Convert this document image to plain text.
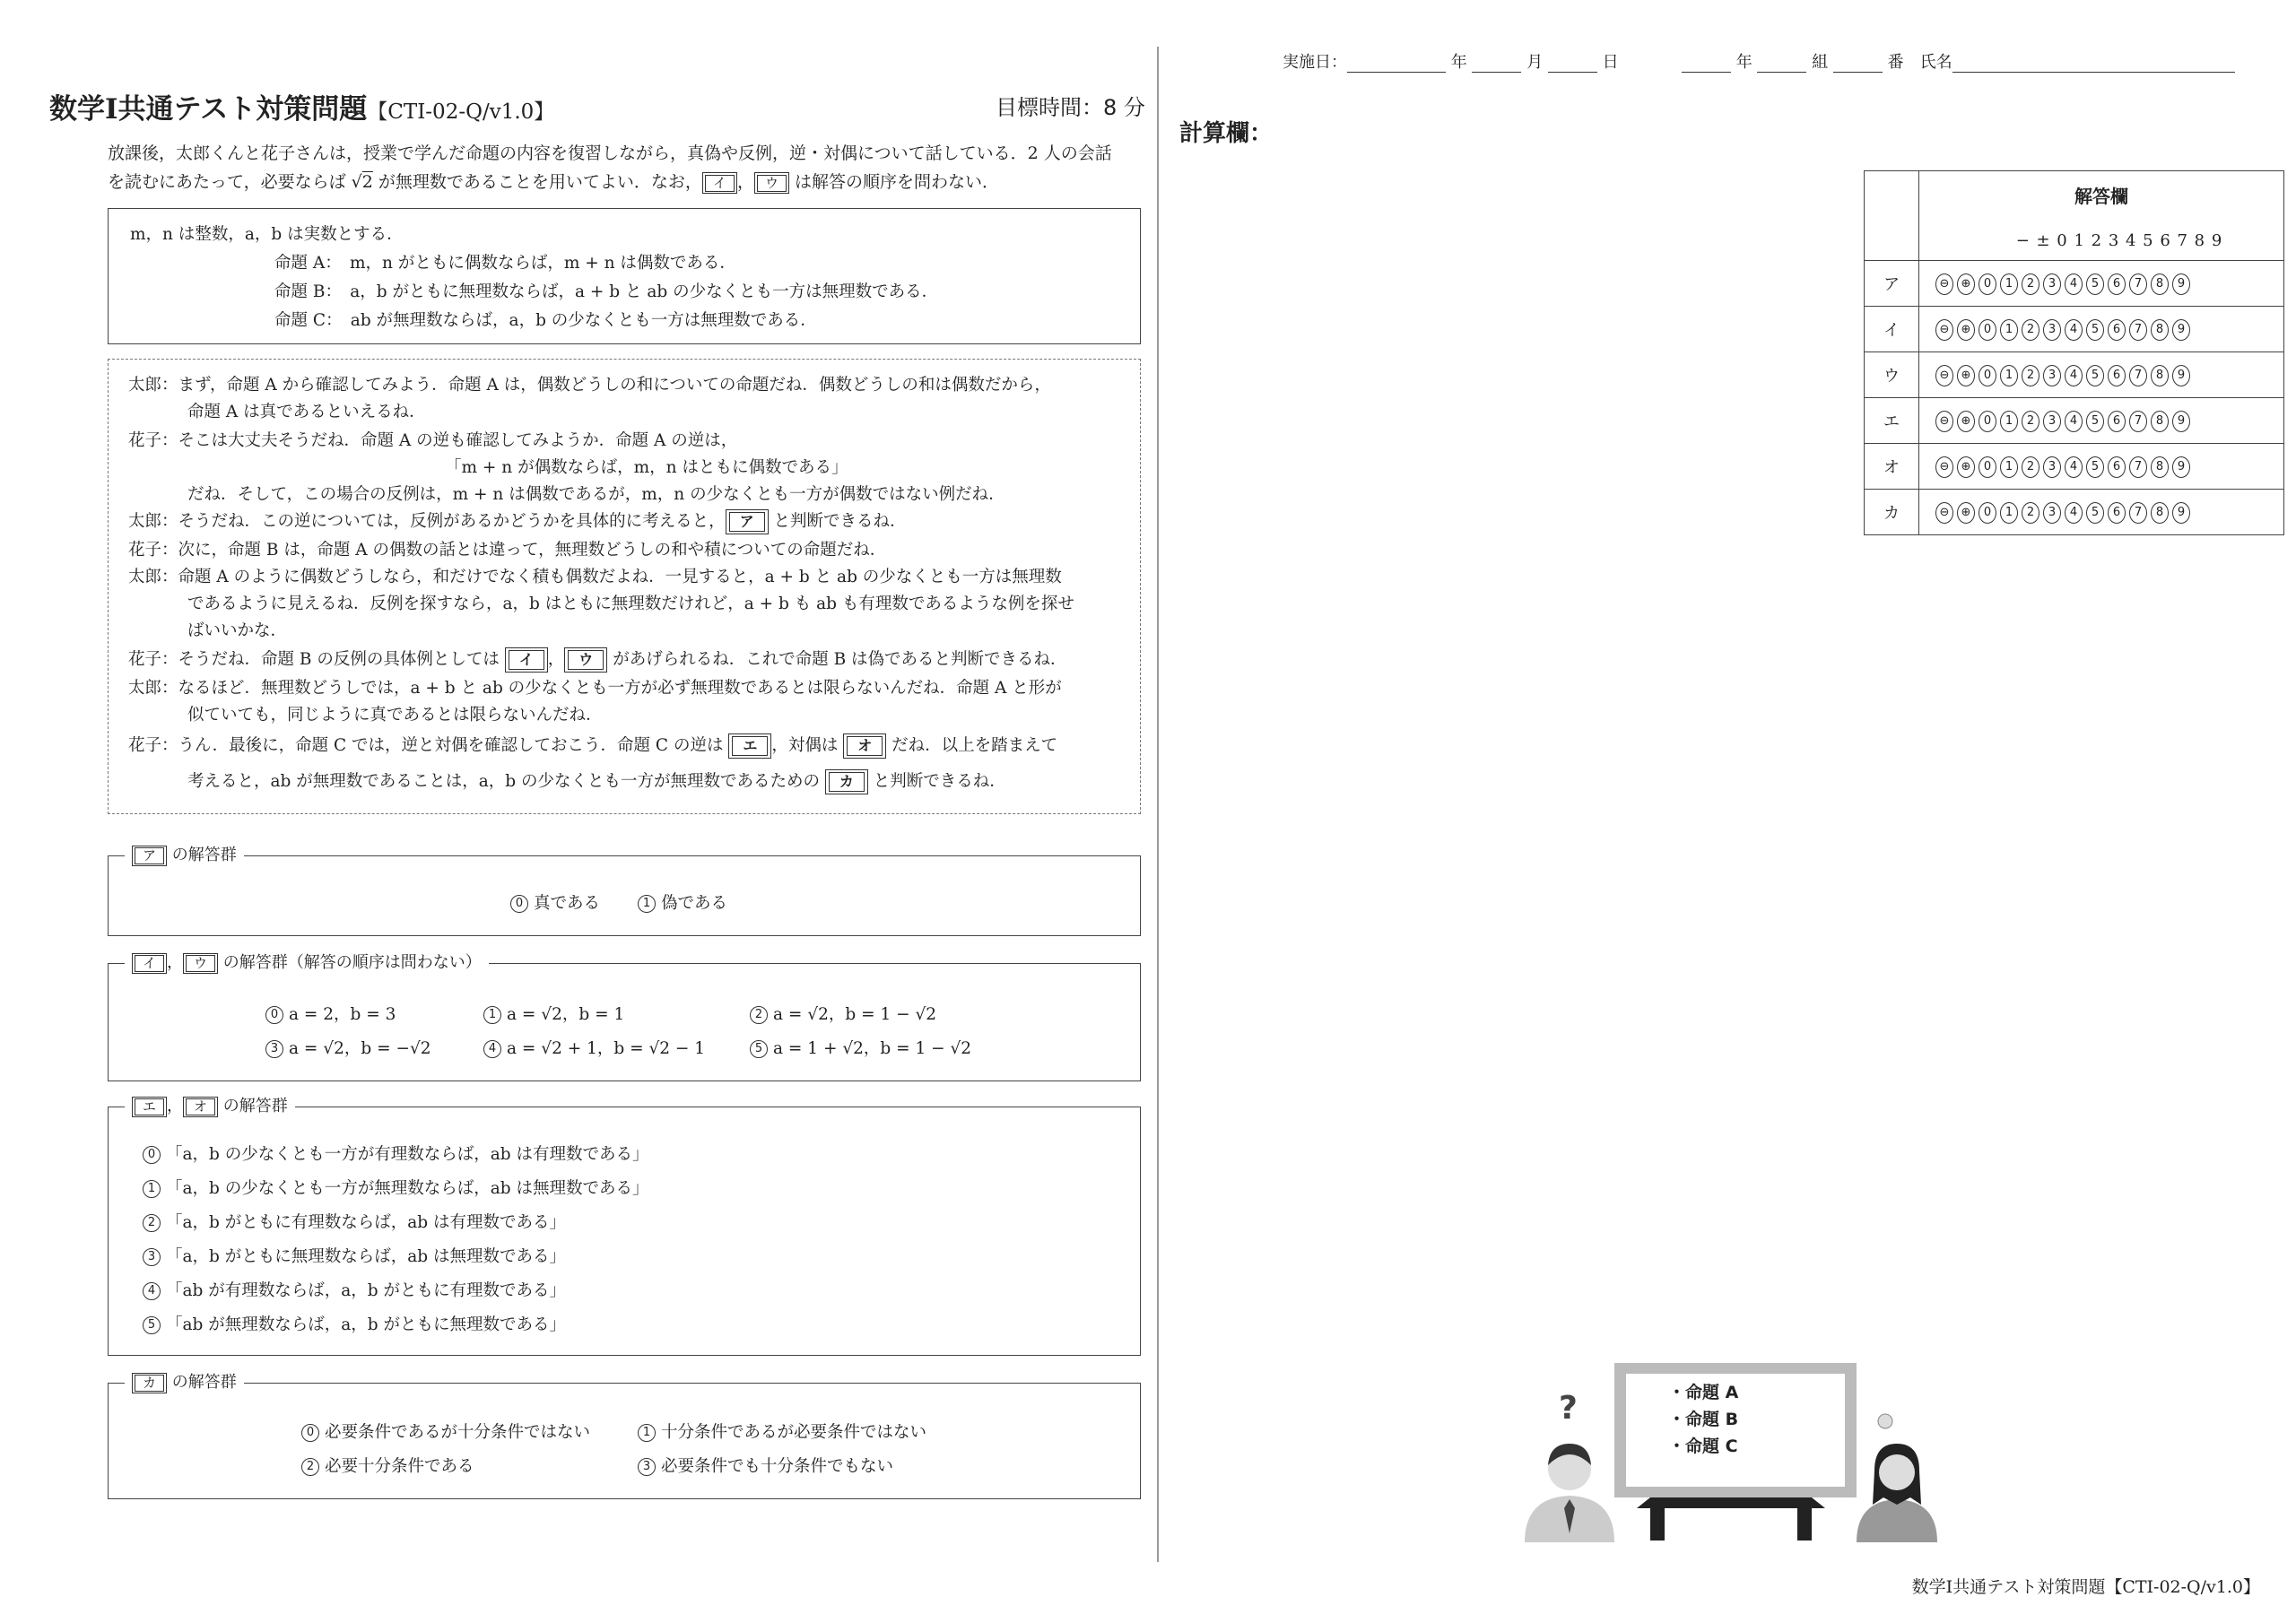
数学Ⅰ共通テスト対策問題【CTI-02-Q/v1.0】	目標時間：8 分
放課後，太郎くんと花子さんは，授業で学んだ命題の内容を復習しながら，真偽や反例，逆・対偶について話している．2 人の会話
を読むにあたって，必要ならば √2 が無理数であることを用いてよい．なお， イ ， ウ は解答の順序を問わない．
m，n は整数，a，b は実数とする．
命題 A：　m，n がともに偶数ならば，m + n は偶数である．
命題 B：　a，b がともに無理数ならば，a + b と ab の少なくとも一方は無理数である．
命題 C：　ab が無理数ならば，a，b の少なくとも一方は無理数である．
太郎：まず，命題 A から確認してみよう．命題 A は，偶数どうしの和についての命題だね．偶数どうしの和は偶数だから，
命題 A は真であるといえるね．
花子：そこは大丈夫そうだね．命題 A の逆も確認してみようか．命題 A の逆は，
「m + n が偶数ならば，m，n はともに偶数である」
だね．そして，この場合の反例は，m + n は偶数であるが，m，n の少なくとも一方が偶数ではない例だね．
太郎：そうだね．この逆については，反例があるかどうかを具体的に考えると， ア と判断できるね．
花子：次に，命題 B は，命題 A の偶数の話とは違って，無理数どうしの和や積についての命題だね．
太郎：命題 A のように偶数どうしなら，和だけでなく積も偶数だよね．一見すると，a + b と ab の少なくとも一方は無理数
であるように見えるね．反例を探すなら，a，b はともに無理数だけれど，a + b も ab も有理数であるような例を探せ
ばいいかな．
花子：そうだね．命題 B の反例の具体例としては イ ， ウ があげられるね．これで命題 B は偽であると判断できるね．
太郎：なるほど．無理数どうしでは，a + b と ab の少なくとも一方が必ず無理数であるとは限らないんだね．命題 A と形が
似ていても，同じように真であるとは限らないんだね．
花子：うん．最後に，命題 C では，逆と対偶を確認しておこう．命題 C の逆は エ ，対偶は オ だね．以上を踏まえて
考えると，ab が無理数であることは，a，b の少なくとも一方が無理数であるための カ と判断できるね．
ア の解答群
0 真である	1 偽である
イ ， ウ の解答群（解答の順序は問わない）
0 a = 2，b = 3	1 a = √2，b = 1	2 a = √2，b = 1 − √2
3 a = √2，b = −√2	4 a = √2 + 1，b = √2 − 1	5 a = 1 + √2，b = 1 − √2
エ ， オ の解答群
0 「a，b の少なくとも一方が有理数ならば，ab は有理数である」
1 「a，b の少なくとも一方が無理数ならば，ab は無理数である」
2 「a，b がともに有理数ならば，ab は有理数である」
3 「a，b がともに無理数ならば，ab は無理数である」
4 「ab が有理数ならば，a，b がともに有理数である」
5 「ab が無理数ならば，a，b がともに無理数である」
カ の解答群
0 必要条件であるが十分条件ではない	1 十分条件であるが必要条件ではない
2 必要十分条件である	3 必要条件でも十分条件でもない
実施日：	年	月	日	年	組	番　 氏名
計算欄：

	解答欄
− ± 0 1 2 3 4 5 6 7 8 9

ア	⊖ ⊕ 0 1 2 3 4 5 6 7 8 9
イ	⊖ ⊕ 0 1 2 3 4 5 6 7 8 9
ウ	⊖ ⊕ 0 1 2 3 4 5 6 7 8 9
エ	⊖ ⊕ 0 1 2 3 4 5 6 7 8 9
オ	⊖ ⊕ 0 1 2 3 4 5 6 7 8 9
カ	⊖ ⊕ 0 1 2 3 4 5 6 7 8 9
・命題 A
・命題 B
・命題 C
?
数学Ⅰ共通テスト対策問題【CTI-02-Q/v1.0】
